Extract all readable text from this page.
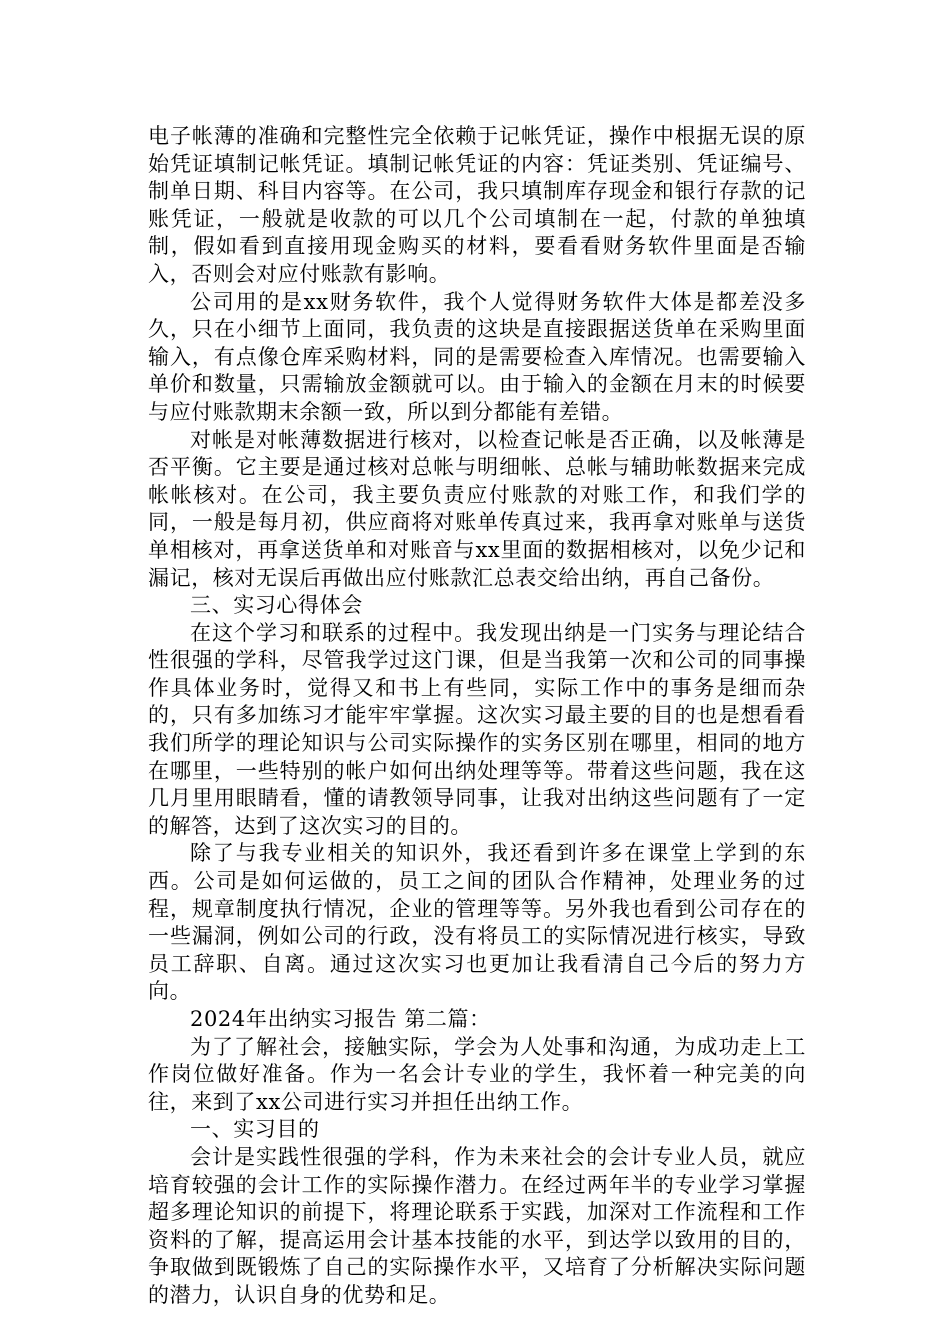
电子帐薄的准确和完整性完全依赖于记帐凭证，操作中根据无误的原始凭证填制记帐凭证。填制记帐凭证的内容：凭证类别、凭证编号、制单日期、科目内容等。在公司，我只填制库存现金和银行存款的记账凭证，一般就是收款的可以几个公司填制在一起，付款的单独填制，假如看到直接用现金购买的材料，要看看财务软件里面是否输入，否则会对应付账款有影响。

公司用的是xx财务软件，我个人觉得财务软件大体是都差没多久，只在小细节上面同，我负责的这块是直接跟据送货单在采购里面输入，有点像仓库采购材料，同的是需要检查入库情况。也需要输入单价和数量，只需输放金额就可以。由于输入的金额在月末的时候要与应付账款期末余额一致，所以到分都能有差错。

对帐是对帐薄数据进行核对，以检查记帐是否正确，以及帐薄是否平衡。它主要是通过核对总帐与明细帐、总帐与辅助帐数据来完成帐帐核对。在公司，我主要负责应付账款的对账工作，和我们学的同，一般是每月初，供应商将对账单传真过来，我再拿对账单与送货单相核对，再拿送货单和对账音与xx里面的数据相核对，以免少记和漏记，核对无误后再做出应付账款汇总表交给出纳，再自己备份。

三、实习心得体会

在这个学习和联系的过程中。我发现出纳是一门实务与理论结合性很强的学科，尽管我学过这门课，但是当我第一次和公司的同事操作具体业务时，觉得又和书上有些同，实际工作中的事务是细而杂的，只有多加练习才能牢牢掌握。这次实习最主要的目的也是想看看我们所学的理论知识与公司实际操作的实务区别在哪里，相同的地方在哪里，一些特别的帐户如何出纳处理等等。带着这些问题，我在这几月里用眼睛看，懂的请教领导同事，让我对出纳这些问题有了一定的解答，达到了这次实习的目的。

除了与我专业相关的知识外，我还看到许多在课堂上学到的东西。公司是如何运做的，员工之间的团队合作精神，处理业务的过程，规章制度执行情况，企业的管理等等。另外我也看到公司存在的一些漏洞，例如公司的行政，没有将员工的实际情况进行核实，导致员工辞职、自离。通过这次实习也更加让我看清自己今后的努力方向。

2024年出纳实习报告 第二篇：

为了了解社会，接触实际，学会为人处事和沟通，为成功走上工作岗位做好准备。作为一名会计专业的学生，我怀着一种完美的向往，来到了xx公司进行实习并担任出纳工作。

一、实习目的

会计是实践性很强的学科，作为未来社会的会计专业人员，就应培育较强的会计工作的实际操作潜力。在经过两年半的专业学习掌握超多理论知识的前提下，将理论联系于实践，加深对工作流程和工作资料的了解，提高运用会计基本技能的水平，到达学以致用的目的，争取做到既锻炼了自己的实际操作水平，又培育了分析解决实际问题的潜力，认识自身的优势和足。
